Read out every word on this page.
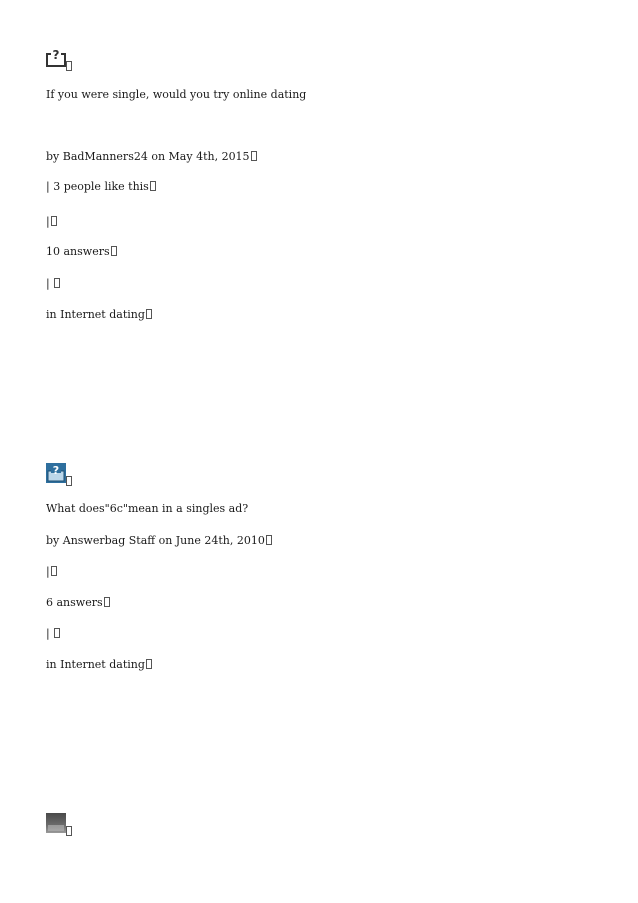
?
If you were single, would you try online dating
by BadManners24 on May 4th, 2015
| 3 people like this
|
10 answers
|
in Internet dating
?
What does"6c"mean in a singles ad?
by Answerbag Staff on June 24th, 2010
|
6 answers
|
in Internet dating
